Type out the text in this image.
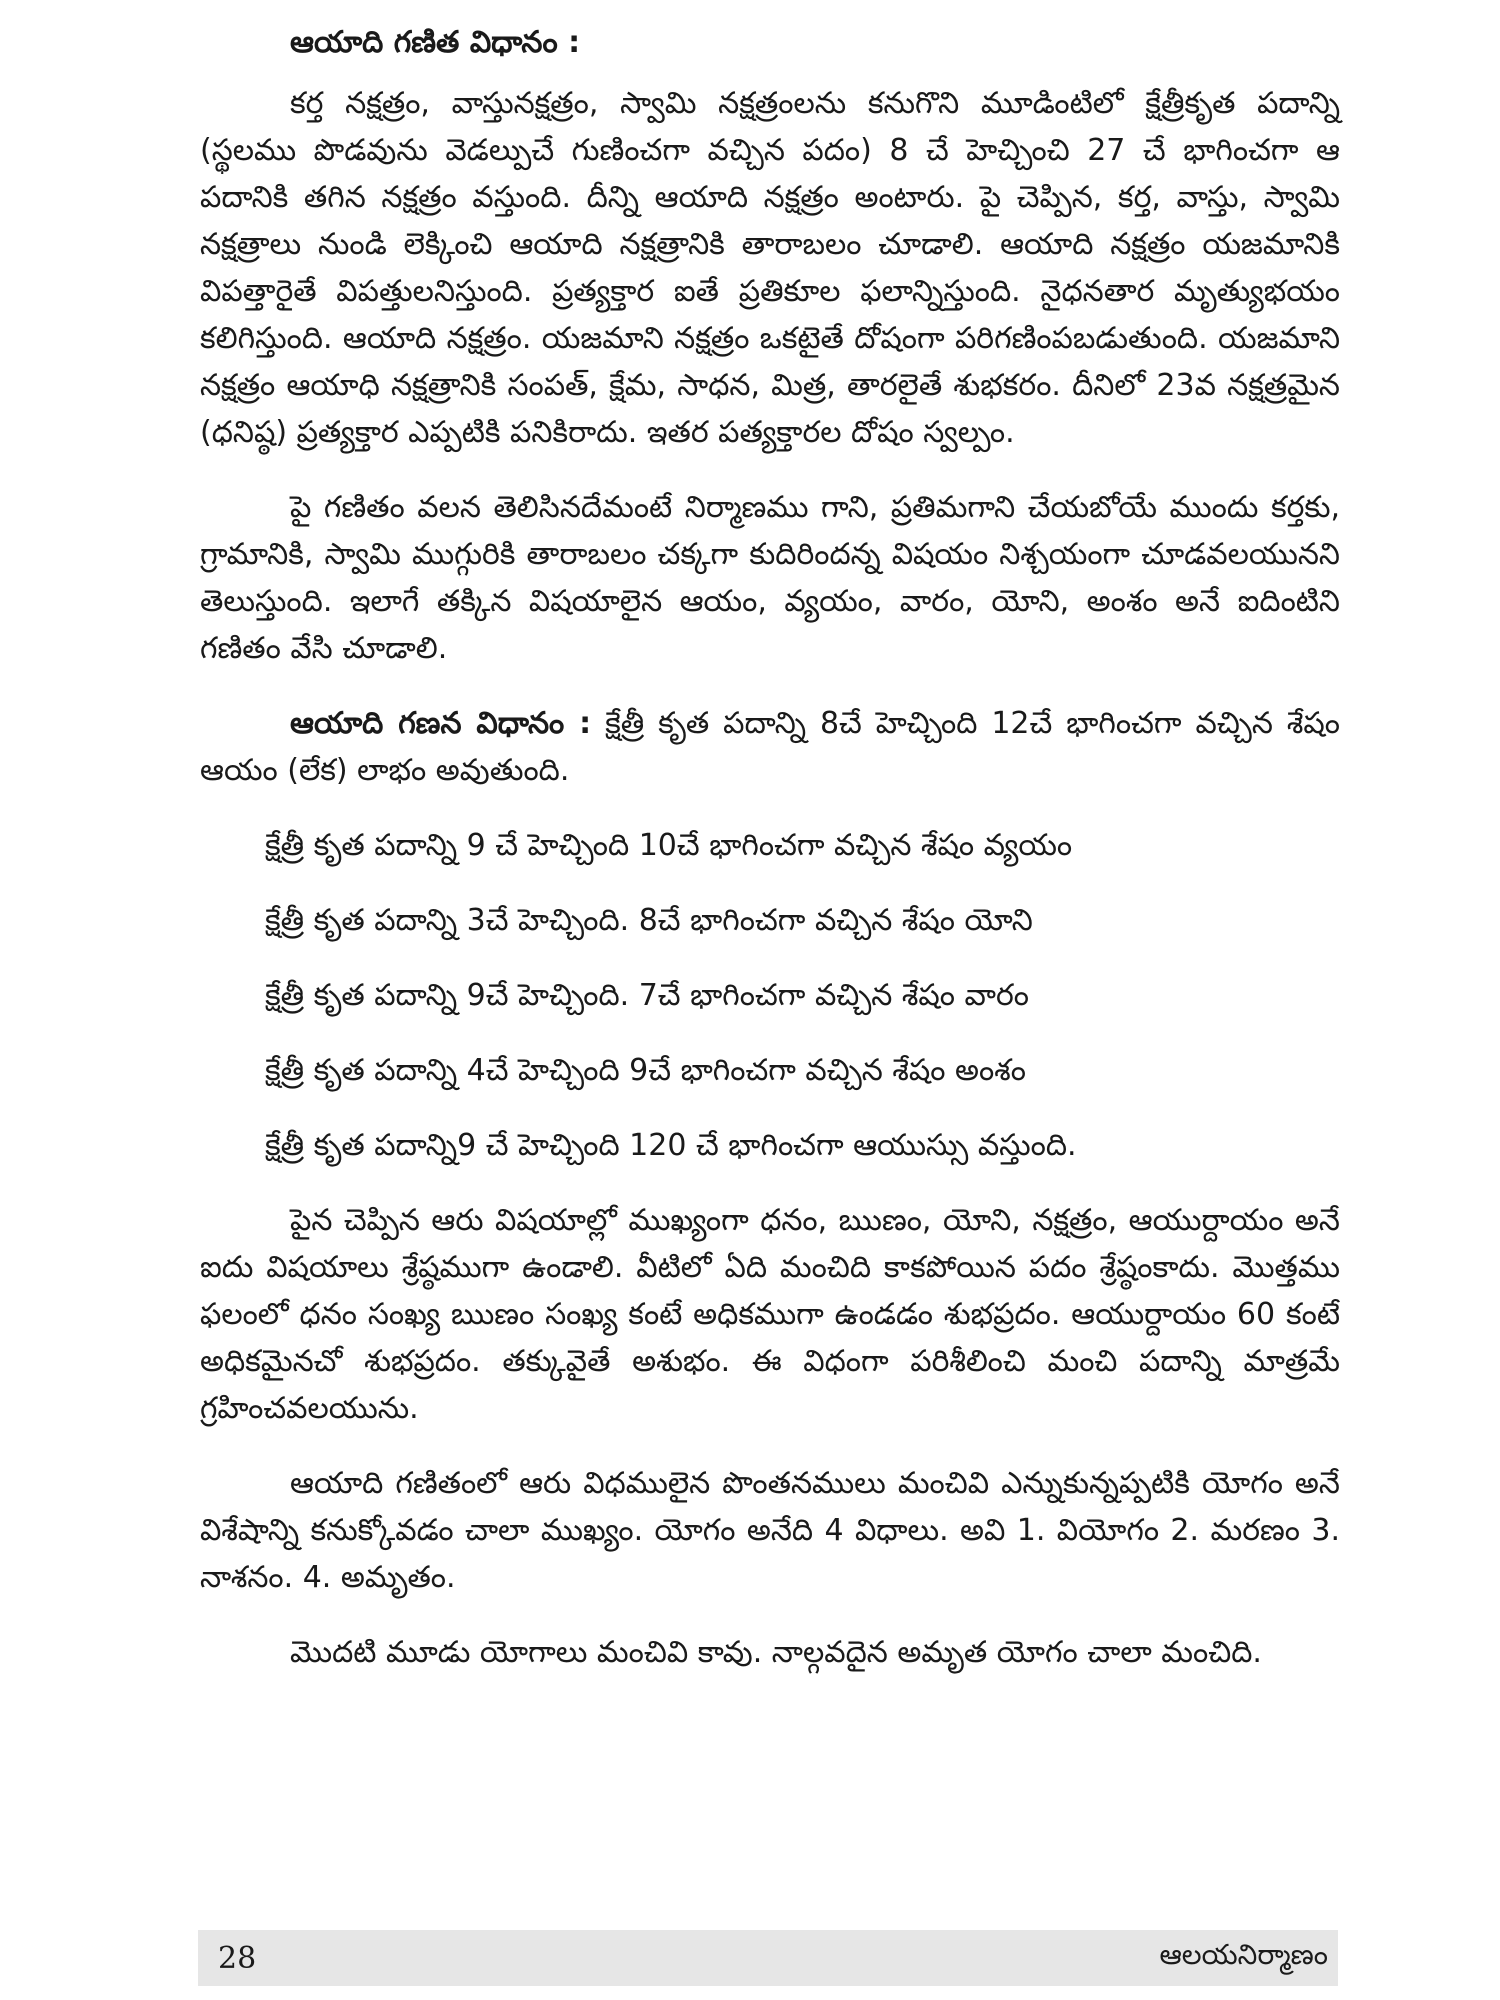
ఆయాది గణిత విధానం :

కర్త నక్షత్రం, వాస్తునక్షత్రం, స్వామి నక్షత్రంలను కనుగొని మూడింటిలో క్షేత్రీకృత పదాన్ని (స్థలము పొడవును వెడల్పుచే గుణించగా వచ్చిన పదం) 8 చే హెచ్చించి 27 చే భాగించగా ఆ పదానికి తగిన నక్షత్రం వస్తుంది. దీన్ని ఆయాది నక్షత్రం అంటారు. పై చెప్పిన, కర్త, వాస్తు, స్వామి నక్షత్రాలు నుండి లెక్కించి ఆయాది నక్షత్రానికి తారాబలం చూడాలి. ఆయాది నక్షత్రం యజమానికి విపత్తారైతే విపత్తులనిస్తుంది. ప్రత్యక్తార ఐతే ప్రతికూల ఫలాన్నిస్తుంది. నైధనతార మృత్యుభయం కలిగిస్తుంది. ఆయాది నక్షత్రం. యజమాని నక్షత్రం ఒకటైతే దోషంగా పరిగణింపబడుతుంది. యజమాని నక్షత్రం ఆయాధి నక్షత్రానికి సంపత్, క్షేమ, సాధన, మిత్ర, తారలైతే శుభకరం. దీనిలో 23వ నక్షత్రమైన (ధనిష్ఠ) ప్రత్యక్తార ఎప్పటికి పనికిరాదు. ఇతర పత్యక్తారల దోషం స్వల్పం.

పై గణితం వలన తెలిసినదేమంటే నిర్మాణము గాని, ప్రతిమగాని చేయబోయే ముందు కర్తకు, గ్రామానికి, స్వామి ముగ్గురికి తారాబలం చక్కగా కుదిరిందన్న విషయం నిశ్చయంగా చూడవలయునని తెలుస్తుంది. ఇలాగే తక్కిన విషయాలైన ఆయం, వ్యయం, వారం, యోని, అంశం అనే ఐదింటిని గణితం వేసి చూడాలి.

ఆయాది గణన విధానం : క్షేత్రీ కృత పదాన్ని 8చే హెచ్చింది 12చే భాగించగా వచ్చిన శేషం ఆయం (లేక) లాభం అవుతుంది.

క్షేత్రీ కృత పదాన్ని 9 చే హెచ్చింది 10చే భాగించగా వచ్చిన శేషం వ్యయం
క్షేత్రీ కృత పదాన్ని 3చే హెచ్చింది. 8చే భాగించగా వచ్చిన శేషం యోని
క్షేత్రీ కృత పదాన్ని 9చే హెచ్చింది. 7చే భాగించగా వచ్చిన శేషం వారం
క్షేత్రీ కృత పదాన్ని 4చే హెచ్చింది 9చే భాగించగా వచ్చిన శేషం అంశం
క్షేత్రీ కృత పదాన్ని9 చే హెచ్చింది 120 చే భాగించగా ఆయుస్సు వస్తుంది.

పైన చెప్పిన ఆరు విషయాల్లో ముఖ్యంగా ధనం, ఋణం, యోని, నక్షత్రం, ఆయుర్దాయం అనే ఐదు విషయాలు శ్రేష్ఠముగా ఉండాలి. వీటిలో ఏది మంచిది కాకపోయిన పదం శ్రేష్ఠంకాదు. మొత్తము ఫలంలో ధనం సంఖ్య ఋణం సంఖ్య కంటే అధికముగా ఉండడం శుభప్రదం. ఆయుర్దాయం 60 కంటే అధికమైనచో శుభప్రదం. తక్కువైతే అశుభం. ఈ విధంగా పరిశీలించి మంచి పదాన్ని మాత్రమే గ్రహించవలయును.

ఆయాది గణితంలో ఆరు విధములైన పొంతనములు మంచివి ఎన్నుకున్నప్పటికి యోగం అనే విశేషాన్ని కనుక్కోవడం చాలా ముఖ్యం. యోగం అనేది 4 విధాలు. అవి 1. వియోగం 2. మరణం 3. నాశనం. 4. అమృతం.

మొదటి మూడు యోగాలు మంచివి కావు. నాల్గవదైన అమృత యోగం చాలా మంచిది.

28	ఆలయనిర్మాణం
